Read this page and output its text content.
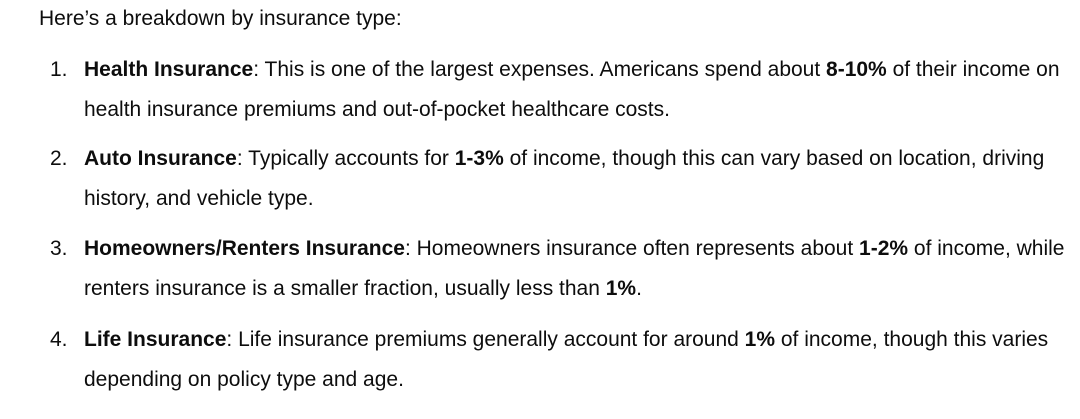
Here’s a breakdown by insurance type:

1. Health Insurance: This is one of the largest expenses. Americans spend about 8-10% of their income on health insurance premiums and out-of-pocket healthcare costs.
2. Auto Insurance: Typically accounts for 1-3% of income, though this can vary based on location, driving history, and vehicle type.
3. Homeowners/Renters Insurance: Homeowners insurance often represents about 1-2% of income, while renters insurance is a smaller fraction, usually less than 1%.
4. Life Insurance: Life insurance premiums generally account for around 1% of income, though this varies depending on policy type and age.
